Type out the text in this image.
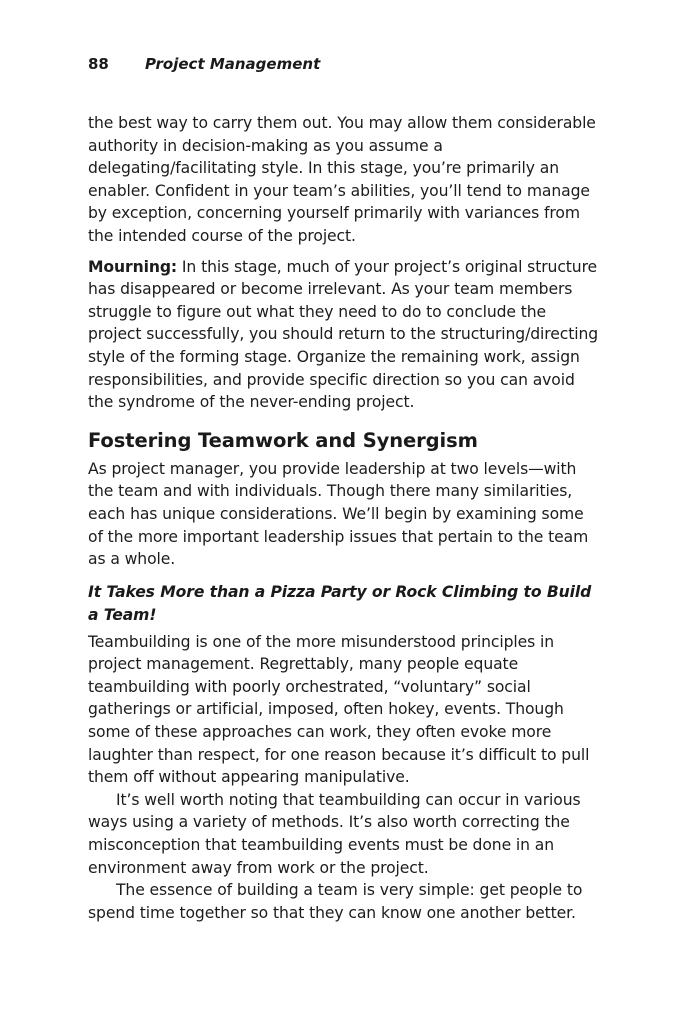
88 Project Management

the best way to carry them out. You may allow them considerable authority in decision-making as you assume a delegating/facilitating style. In this stage, you’re primarily an enabler. Confident in your team’s abilities, you’ll tend to manage by exception, concerning yourself primarily with variances from the intended course of the project.

Mourning: In this stage, much of your project’s original structure has disappeared or become irrelevant. As your team members struggle to figure out what they need to do to conclude the project successfully, you should return to the structuring/directing style of the forming stage. Organize the remaining work, assign responsibilities, and provide specific direction so you can avoid the syndrome of the never-ending project.

Fostering Teamwork and Synergism

As project manager, you provide leadership at two levels—with the team and with individuals. Though there many similarities, each has unique considerations. We’ll begin by examining some of the more important leadership issues that pertain to the team as a whole.

It Takes More than a Pizza Party or Rock Climbing to Build a Team!

Teambuilding is one of the more misunderstood principles in project management. Regrettably, many people equate teambuilding with poorly orchestrated, “voluntary” social gatherings or artificial, imposed, often hokey, events. Though some of these approaches can work, they often evoke more laughter than respect, for one reason because it’s difficult to pull them off without appearing manipulative.

It’s well worth noting that teambuilding can occur in various ways using a variety of methods. It’s also worth correcting the misconception that teambuilding events must be done in an environment away from work or the project.

The essence of building a team is very simple: get people to spend time together so that they can know one another better.
